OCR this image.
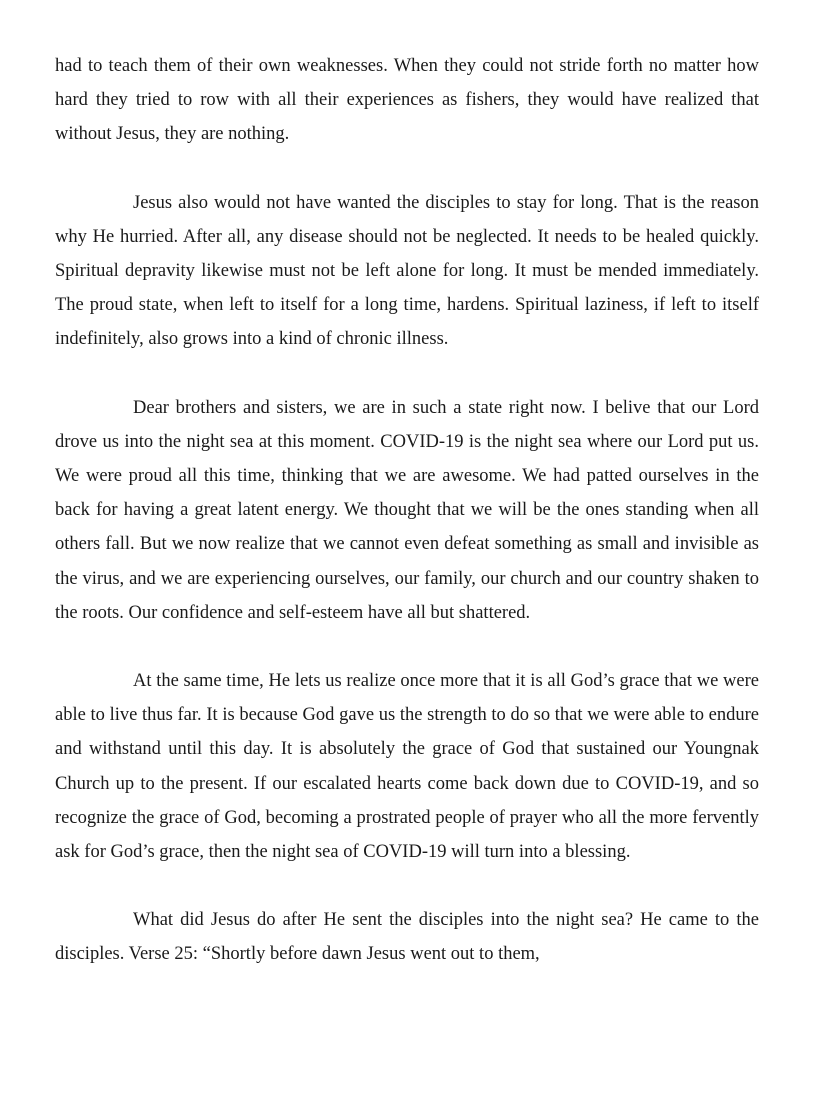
had to teach them of their own weaknesses. When they could not stride forth no matter how hard they tried to row with all their experiences as fishers, they would have realized that without Jesus, they are nothing.

Jesus also would not have wanted the disciples to stay for long. That is the reason why He hurried. After all, any disease should not be neglected. It needs to be healed quickly. Spiritual depravity likewise must not be left alone for long. It must be mended immediately. The proud state, when left to itself for a long time, hardens. Spiritual laziness, if left to itself indefinitely, also grows into a kind of chronic illness.

Dear brothers and sisters, we are in such a state right now. I belive that our Lord drove us into the night sea at this moment. COVID-19 is the night sea where our Lord put us. We were proud all this time, thinking that we are awesome. We had patted ourselves in the back for having a great latent energy. We thought that we will be the ones standing when all others fall. But we now realize that we cannot even defeat something as small and invisible as the virus, and we are experiencing ourselves, our family, our church and our country shaken to the roots. Our confidence and self-esteem have all but shattered.

At the same time, He lets us realize once more that it is all God’s grace that we were able to live thus far. It is because God gave us the strength to do so that we were able to endure and withstand until this day. It is absolutely the grace of God that sustained our Youngnak Church up to the present. If our escalated hearts come back down due to COVID-19, and so recognize the grace of God, becoming a prostrated people of prayer who all the more fervently ask for God’s grace, then the night sea of COVID-19 will turn into a blessing.

What did Jesus do after He sent the disciples into the night sea? He came to the disciples. Verse 25: “Shortly before dawn Jesus went out to them,
